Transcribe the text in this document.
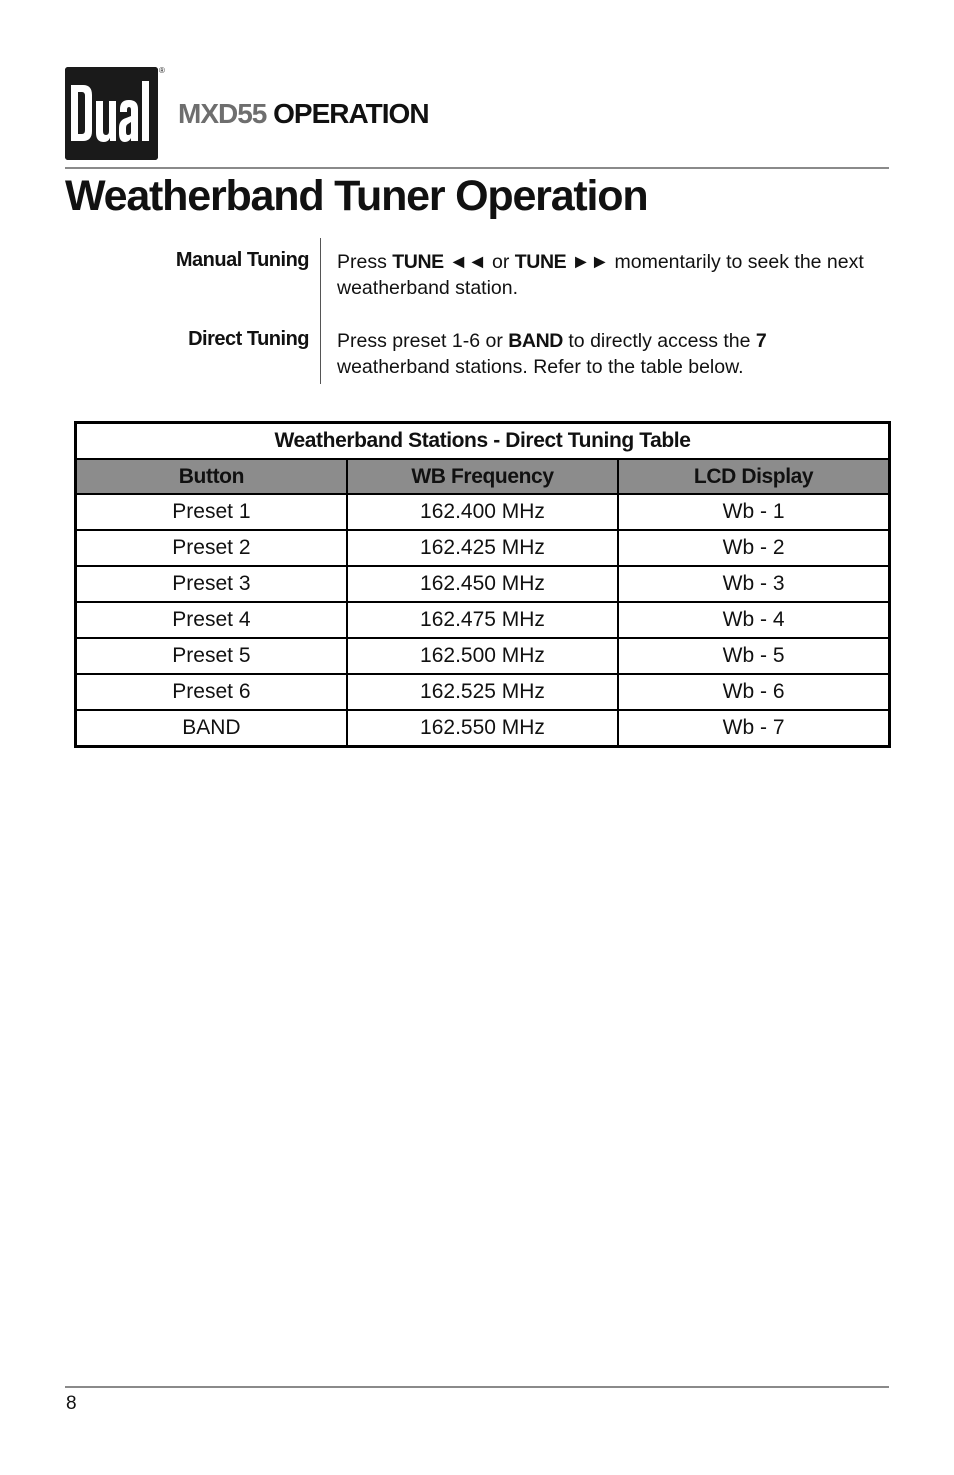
®
MXD55 OPERATION
Weatherband Tuner Operation
Manual Tuning Press TUNE ◄◄ or TUNE ►► momentarily to seek the next weatherband station.
Direct Tuning Press preset 1-6 or BAND to directly access the 7 weatherband stations. Refer to the table below.
Weatherband Stations - Direct Tuning Table		
Button	WB Frequency	LCD Display
Preset 1	162.400 MHz	Wb - 1
Preset 2	162.425 MHz	Wb - 2
Preset 3	162.450 MHz	Wb - 3
Preset 4	162.475 MHz	Wb - 4
Preset 5	162.500 MHz	Wb - 5
Preset 6	162.525 MHz	Wb - 6
BAND	162.550 MHz	Wb - 7
8
